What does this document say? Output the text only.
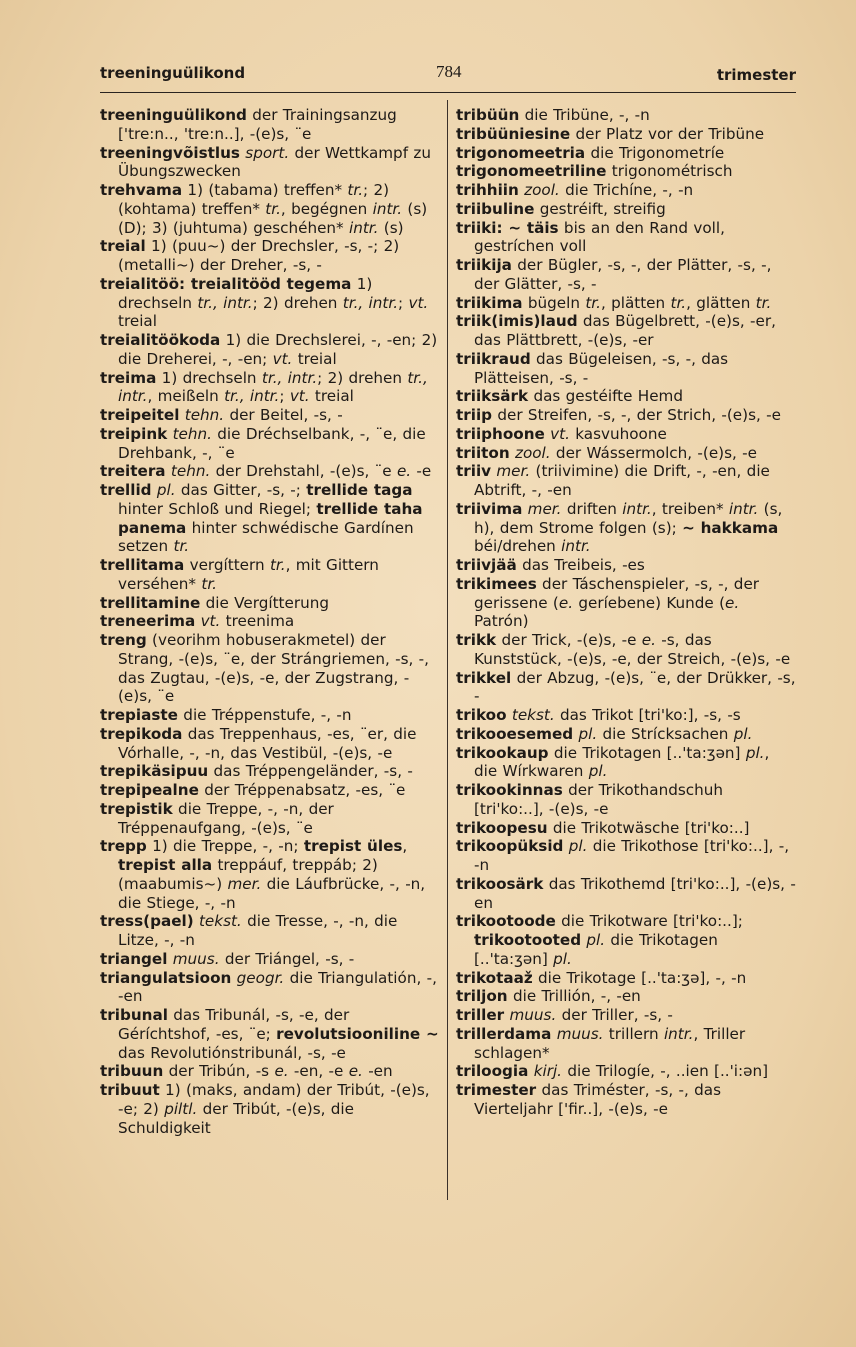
treeninguülikond	784	trimester

treeninguülikond der Trainingsanzug ['tre:n.., 'tre:n..], -(e)s, ¨e

treeningvõistlus sport. der Wettkampf zu Übungszwecken

trehvama 1) (tabama) treffen* tr.; 2) (kohtama) treffen* tr., begégnen intr. (s) (D); 3) (juhtuma) geschéhen* intr. (s)

treial 1) (puu~) der Drechsler, -s, -; 2) (metalli~) der Dreher, -s, -

treialitöö: treialitööd tegema 1) drechseln tr., intr.; 2) drehen tr., intr.; vt. treial

treialitöökoda 1) die Drechslerei, -, -en; 2) die Dreherei, -, -en; vt. treial

treima 1) drechseln tr., intr.; 2) drehen tr., intr., meißeln tr., intr.; vt. treial

treipeitel tehn. der Beitel, -s, -

treipink tehn. die Dréchselbank, -, ¨e, die Drehbank, -, ¨e

treitera tehn. der Drehstahl, -(e)s, ¨e e. -e

trellid pl. das Gitter, -s, -; trellide taga hinter Schloß und Riegel; trellide taha panema hinter schwédische Gardínen setzen tr.

trellitama vergíttern tr., mit Gittern verséhen* tr.

trellitamine die Vergítterung

treneerima vt. treenima

treng (veorihm hobuserakmetel) der Strang, -(e)s, ¨e, der Strángriemen, -s, -, das Zugtau, -(e)s, -e, der Zugstrang, -(e)s, ¨e

trepiaste die Tréppenstufe, -, -n

trepikoda das Treppenhaus, -es, ¨er, die Vórhalle, -, -n, das Vestibül, -(e)s, -e

trepikäsipuu das Tréppengeländer, -s, -

trepipealne der Tréppenabsatz, -es, ¨e

trepistik die Treppe, -, -n, der Tréppenaufgang, -(e)s, ¨e

trepp 1) die Treppe, -, -n; trepist üles, trepist alla treppáuf, treppáb; 2) (maabumis~) mer. die Láufbrücke, -, -n, die Stiege, -, -n

tress(pael) tekst. die Tresse, -, -n, die Litze, -, -n

triangel muus. der Triángel, -s, -

triangulatsioon geogr. die Triangulatión, -, -en

tribunal das Tribunál, -s, -e, der Géríchtshof, -es, ¨e; revolutsiooniline ~ das Revolutiónstribunál, -s, -e

tribuun der Tribún, -s e. -en, -e e. -en

tribuut 1) (maks, andam) der Tribút, -(e)s, -e; 2) piltl. der Tribút, -(e)s, die Schuldigkeit

tribüün die Tribüne, -, -n

tribüüniesine der Platz vor der Tribüne

trigonomeetria die Trigonometríe

trigonomeetriline trigonométrisch

trihhiin zool. die Trichíne, -, -n

triibuline gestréift, streifig

triiki: ~ täis bis an den Rand voll, gestríchen voll

triikija der Bügler, -s, -, der Plätter, -s, -, der Glätter, -s, -

triikima bügeln tr., plätten tr., glätten tr.

triik(imis)laud das Bügelbrett, -(e)s, -er, das Plättbrett, -(e)s, -er

triikraud das Bügeleisen, -s, -, das Plätteisen, -s, -

triiksärk das gestéifte Hemd

triip der Streifen, -s, -, der Strich, -(e)s, -e

triiphoone vt. kasvuhoone

triiton zool. der Wássermolch, -(e)s, -e

triiv mer. (triivimine) die Drift, -, -en, die Abtrift, -, -en

triivima mer. driften intr., treiben* intr. (s, h), dem Strome folgen (s); ~ hakkama béi/drehen intr.

triivjää das Treibeis, -es

trikimees der Táschenspieler, -s, -, der gerissene (e. geríebene) Kunde (e. Patrón)

trikk der Trick, -(e)s, -e e. -s, das Kunststück, -(e)s, -e, der Streich, -(e)s, -e

trikkel der Abzug, -(e)s, ¨e, der Drükker, -s, -

trikoo tekst. das Trikot [tri'ko:], -s, -s

trikooesemed pl. die Strícksachen pl.

trikookaup die Trikotagen [..'ta:ʒən] pl., die Wírkwaren pl.

trikookinnas der Trikothandschuh [tri'ko:..], -(e)s, -e

trikoopesu die Trikotwäsche [tri'ko:..]

trikoopüksid pl. die Trikothose [tri'ko:..], -, -n

trikoosärk das Trikothemd [tri'ko:..], -(e)s, -en

trikootoode die Trikotware [tri'ko:..]; trikootooted pl. die Trikotagen [..'ta:ʒən] pl.

trikotaaž die Trikotage [..'ta:ʒə], -, -n

triljon die Trillión, -, -en

triller muus. der Triller, -s, -

trillerdama muus. trillern intr., Triller schlagen*

triloogia kirj. die Trilogíe, -, ..ien [..'i:ən]

trimester das Triméster, -s, -, das Vierteljahr ['fir..], -(e)s, -e
